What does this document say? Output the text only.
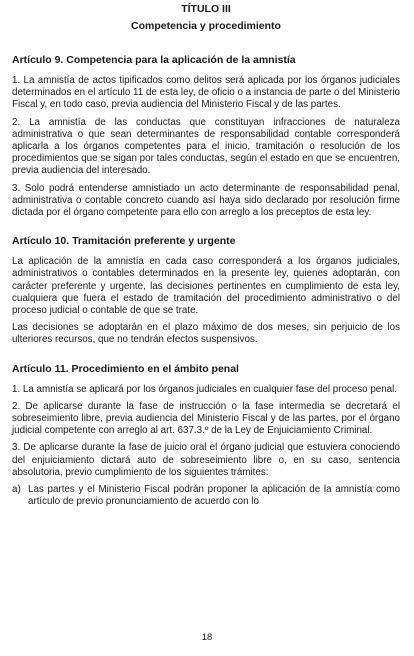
TÍTULO III
Competencia y procedimiento
Artículo 9. Competencia para la aplicación de la amnistía

1. La amnistía de actos tipificados como delitos será aplicada por los órganos judiciales determinados en el artículo 11 de esta ley, de oficio o a instancia de parte o del Ministerio Fiscal y, en todo caso, previa audiencia del Ministerio Fiscal y de las partes.

2. La amnistía de las conductas que constituyan infracciones de naturaleza administrativa o que sean determinantes de responsabilidad contable corresponderá aplicarla a los órganos competentes para el inicio, tramitación o resolución de los procedimientos que se sigan por tales conductas, según el estado en que se encuentren, previa audiencia del interesado.

3. Solo podrá entenderse amnistiado un acto determinante de responsabilidad penal, administrativa o contable concreto cuando así haya sido declarado por resolución firme dictada por el órgano competente para ello con arreglo a los preceptos de esta ley.

Artículo 10. Tramitación preferente y urgente

La aplicación de la amnistía en cada caso corresponderá a los órganos judiciales, administrativos o contables determinados en la presente ley, quienes adoptarán, con carácter preferente y urgente, las decisiones pertinentes en cumplimiento de esta ley, cualquiera que fuera el estado de tramitación del procedimiento administrativo o del proceso judicial o contable de que se trate.

Las decisiones se adoptarán en el plazo máximo de dos meses, sin perjuicio de los ulteriores recursos, que no tendrán efectos suspensivos.

Artículo 11. Procedimiento en el ámbito penal

1. La amnistía se aplicará por los órganos judiciales en cualquier fase del proceso penal.

2. De aplicarse durante la fase de instrucción o la fase intermedia se decretará el sobreseimiento libre, previa audiencia del Ministerio Fiscal y de las partes, por el órgano judicial competente con arreglo al art. 637.3.º de la Ley de Enjuiciamiento Criminal.

3. De aplicarse durante la fase de juicio oral el órgano judicial que estuviera conociendo del enjuiciamiento dictará auto de sobreseimiento libre o, en su caso, sentencia absolutoria, previo cumplimiento de los siguientes trámites:

a) Las partes y el Ministerio Fiscal podrán proponer la aplicación de la amnistía como artículo de previo pronunciamiento de acuerdo con lo
18
